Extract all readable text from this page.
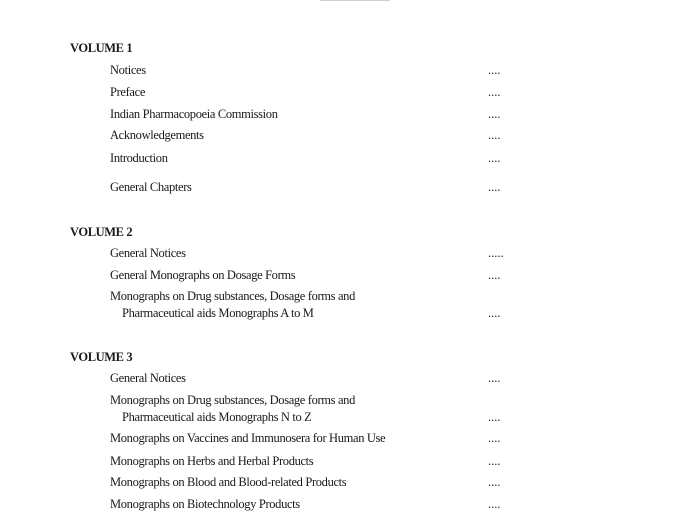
VOLUME 1
Notices	....
Preface	....
Indian Pharmacopoeia Commission	....
Acknowledgements	....
Introduction	....
General Chapters	....
VOLUME 2
General Notices	.....
General Monographs on Dosage Forms	....
Monographs on Drug substances, Dosage forms and
Pharmaceutical aids Monographs A to M	....
VOLUME 3
General Notices	....
Monographs on Drug substances, Dosage forms and
Pharmaceutical aids Monographs N to Z	....
Monographs on Vaccines and Immunosera for Human Use	....
Monographs on Herbs and Herbal Products	....
Monographs on Blood and Blood-related Products	....
Monographs on Biotechnology Products	....
